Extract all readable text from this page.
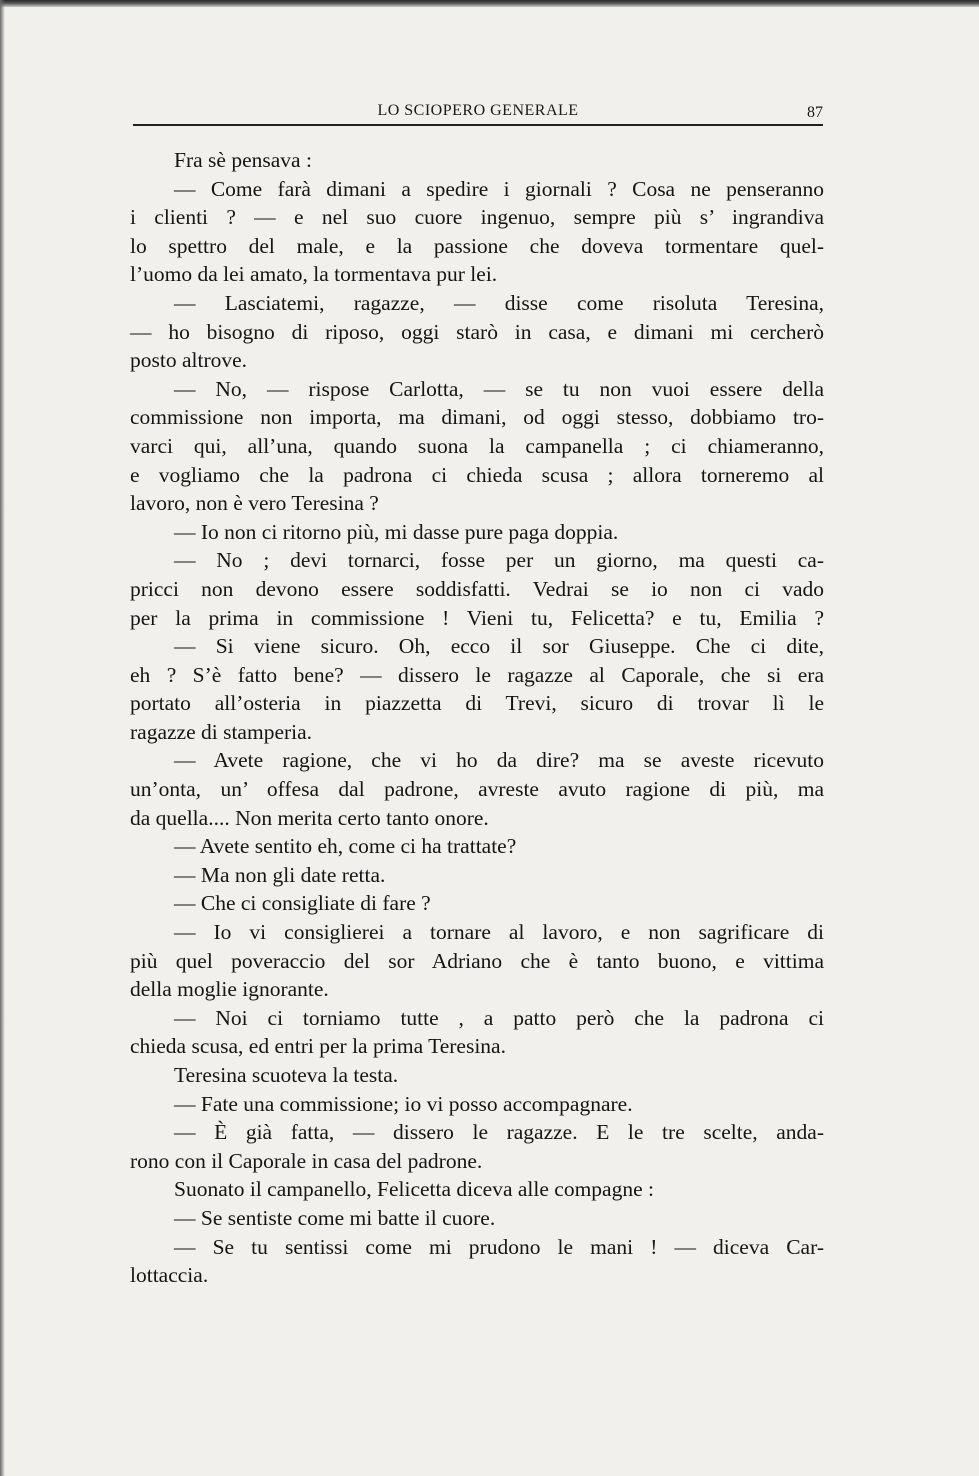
LO SCIOPERO GENERALE	87
Fra sè pensava :
— Come farà dimani a spedire i giornali ? Cosa ne penseranno
i clienti ? — e nel suo cuore ingenuo, sempre più s’ ingrandiva
lo spettro del male, e la passione che doveva tormentare quel-
l’uomo da lei amato, la tormentava pur lei.
— Lasciatemi, ragazze, — disse come risoluta Teresina,
— ho bisogno di riposo, oggi starò in casa, e dimani mi cercherò
posto altrove.
— No, — rispose Carlotta, — se tu non vuoi essere della
commissione non importa, ma dimani, od oggi stesso, dobbiamo tro-
varci qui, all’una, quando suona la campanella ; ci chiameranno,
e vogliamo che la padrona ci chieda scusa ; allora torneremo al
lavoro, non è vero Teresina ?
— Io non ci ritorno più, mi dasse pure paga doppia.
— No ; devi tornarci, fosse per un giorno, ma questi ca-
pricci non devono essere soddisfatti. Vedrai se io non ci vado
per la prima in commissione ! Vieni tu, Felicetta? e tu, Emilia ?
— Si viene sicuro. Oh, ecco il sor Giuseppe. Che ci dite,
eh ? S’è fatto bene? — dissero le ragazze al Caporale, che si era
portato all’osteria in piazzetta di Trevi, sicuro di trovar lì le
ragazze di stamperia.
— Avete ragione, che vi ho da dire? ma se aveste ricevuto
un’onta, un’ offesa dal padrone, avreste avuto ragione di più, ma
da quella.... Non merita certo tanto onore.
— Avete sentito eh, come ci ha trattate?
— Ma non gli date retta.
— Che ci consigliate di fare ?
— Io vi consiglierei a tornare al lavoro, e non sagrificare di
più quel poveraccio del sor Adriano che è tanto buono, e vittima
della moglie ignorante.
— Noi ci torniamo tutte , a patto però che la padrona ci
chieda scusa, ed entri per la prima Teresina.
Teresina scuoteva la testa.
— Fate una commissione; io vi posso accompagnare.
— È già fatta, — dissero le ragazze. E le tre scelte, anda-
rono con il Caporale in casa del padrone.
Suonato il campanello, Felicetta diceva alle compagne :
— Se sentiste come mi batte il cuore.
— Se tu sentissi come mi prudono le mani ! — diceva Car-
lottaccia.
